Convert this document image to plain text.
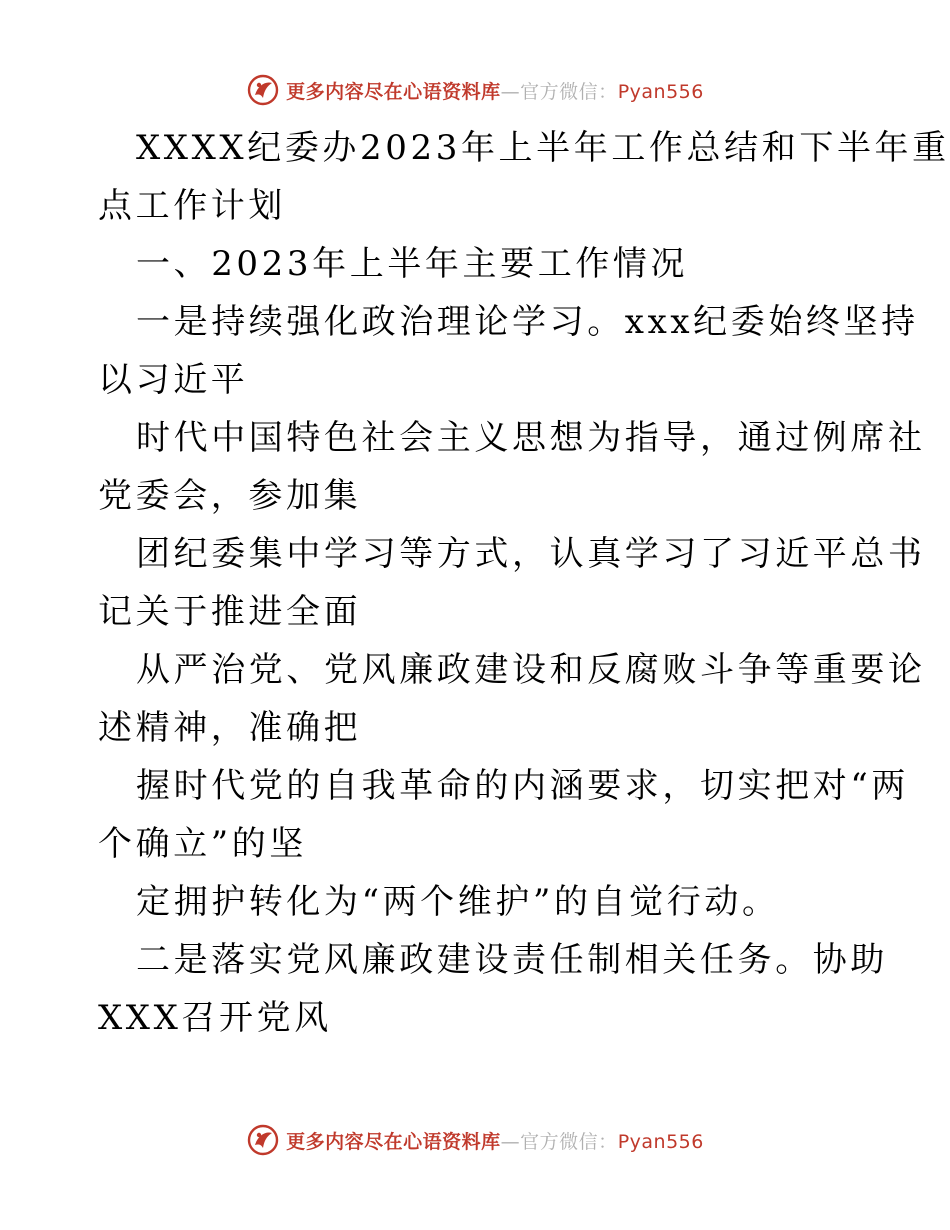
更多内容尽在心语资料库—官方微信：Pyan556
XXXX纪委办2023年上半年工作总结和下半年重
点工作计划
一、2023年上半年主要工作情况
一是持续强化政治理论学习。xxx纪委始终坚持
以习近平
时代中国特色社会主义思想为指导，通过例席社
党委会，参加集
团纪委集中学习等方式，认真学习了习近平总书
记关于推进全面
从严治党、党风廉政建设和反腐败斗争等重要论
述精神，准确把
握时代党的自我革命的内涵要求，切实把对“两
个确立”的坚
定拥护转化为“两个维护”的自觉行动。
二是落实党风廉政建设责任制相关任务。协助
XXX召开党风
更多内容尽在心语资料库—官方微信：Pyan556
